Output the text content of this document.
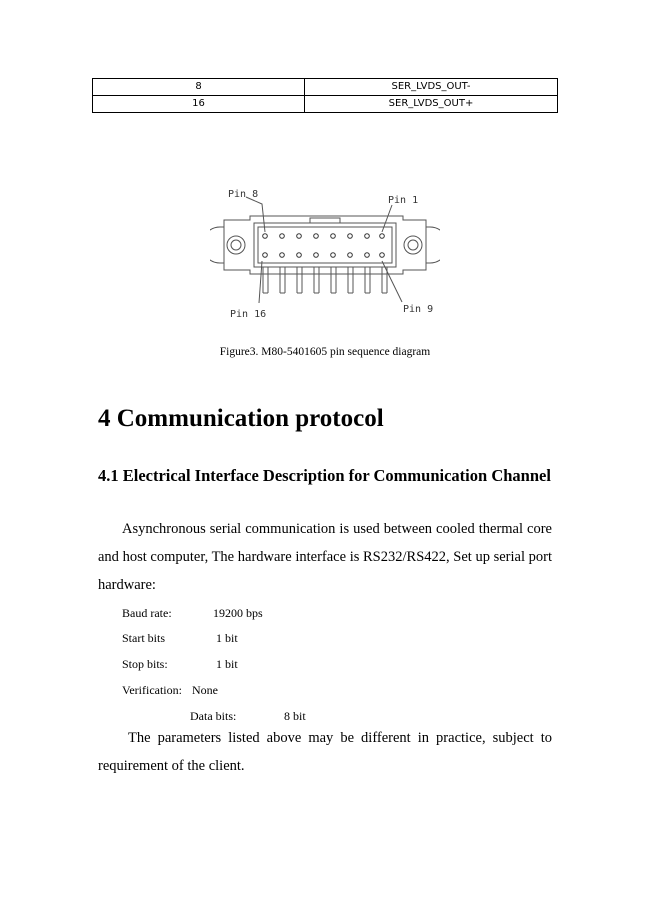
8	SER_LVDS_OUT-
16	SER_LVDS_OUT+
Pin 8
Pin 1
Pin 16	Pin 9
Figure3. M80-5401605 pin sequence diagram
4 Communication protocol
4.1 Electrical Interface Description for Communication Channel

Asynchronous serial communication is used between cooled thermal core and host computer, The hardware interface is RS232/RS422, Set up serial port hardware:

Baud rate:	19200 bps
Start bits	1 bit
Stop bits:	1 bit
Verification: None
Data bits:	8 bit

The parameters listed above may be different in practice, subject to requirement of the client.
